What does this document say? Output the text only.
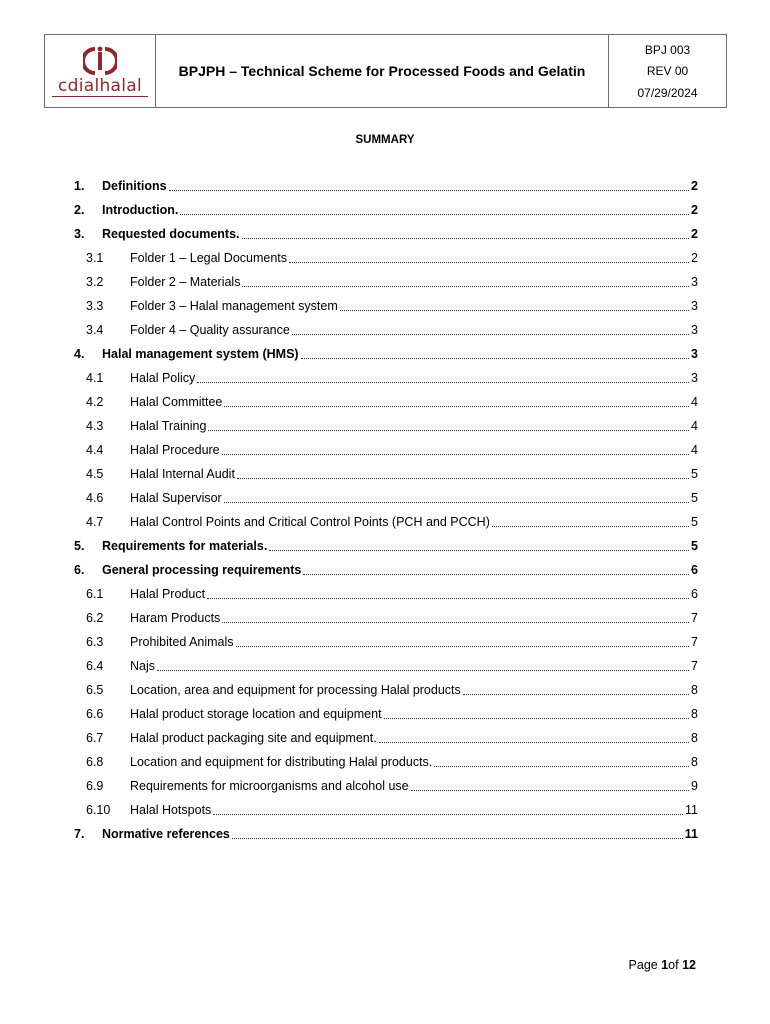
cdialhalal
BPJPH – Technical Scheme for Processed Foods and Gelatin
BPJ 003
REV 00
07/29/2024
SUMMARY
1.	Definitions	2
2.	Introduction.	2
3.	Requested documents.	2
3.1	Folder 1 – Legal Documents	2
3.2	Folder 2 – Materials	3
3.3	Folder 3 – Halal management system	3
3.4	Folder 4 – Quality assurance	3
4.	Halal management system (HMS)	3
4.1	Halal Policy	3
4.2	Halal Committee	4
4.3	Halal Training	4
4.4	Halal Procedure	4
4.5	Halal Internal Audit	5
4.6	Halal Supervisor	5
4.7	Halal Control Points and Critical Control Points (PCH and PCCH)	5
5.	Requirements for materials.	5
6.	General processing requirements	6
6.1	Halal Product	6
6.2	Haram Products	7
6.3	Prohibited Animals	7
6.4	Najs	7
6.5	Location, area and equipment for processing Halal products	8
6.6	Halal product storage location and equipment	8
6.7	Halal product packaging site and equipment.	8
6.8	Location and equipment for distributing Halal products.	8
6.9	Requirements for microorganisms and alcohol use	9
6.10	Halal Hotspots	11
7.	Normative references	11
Page 1of 12
